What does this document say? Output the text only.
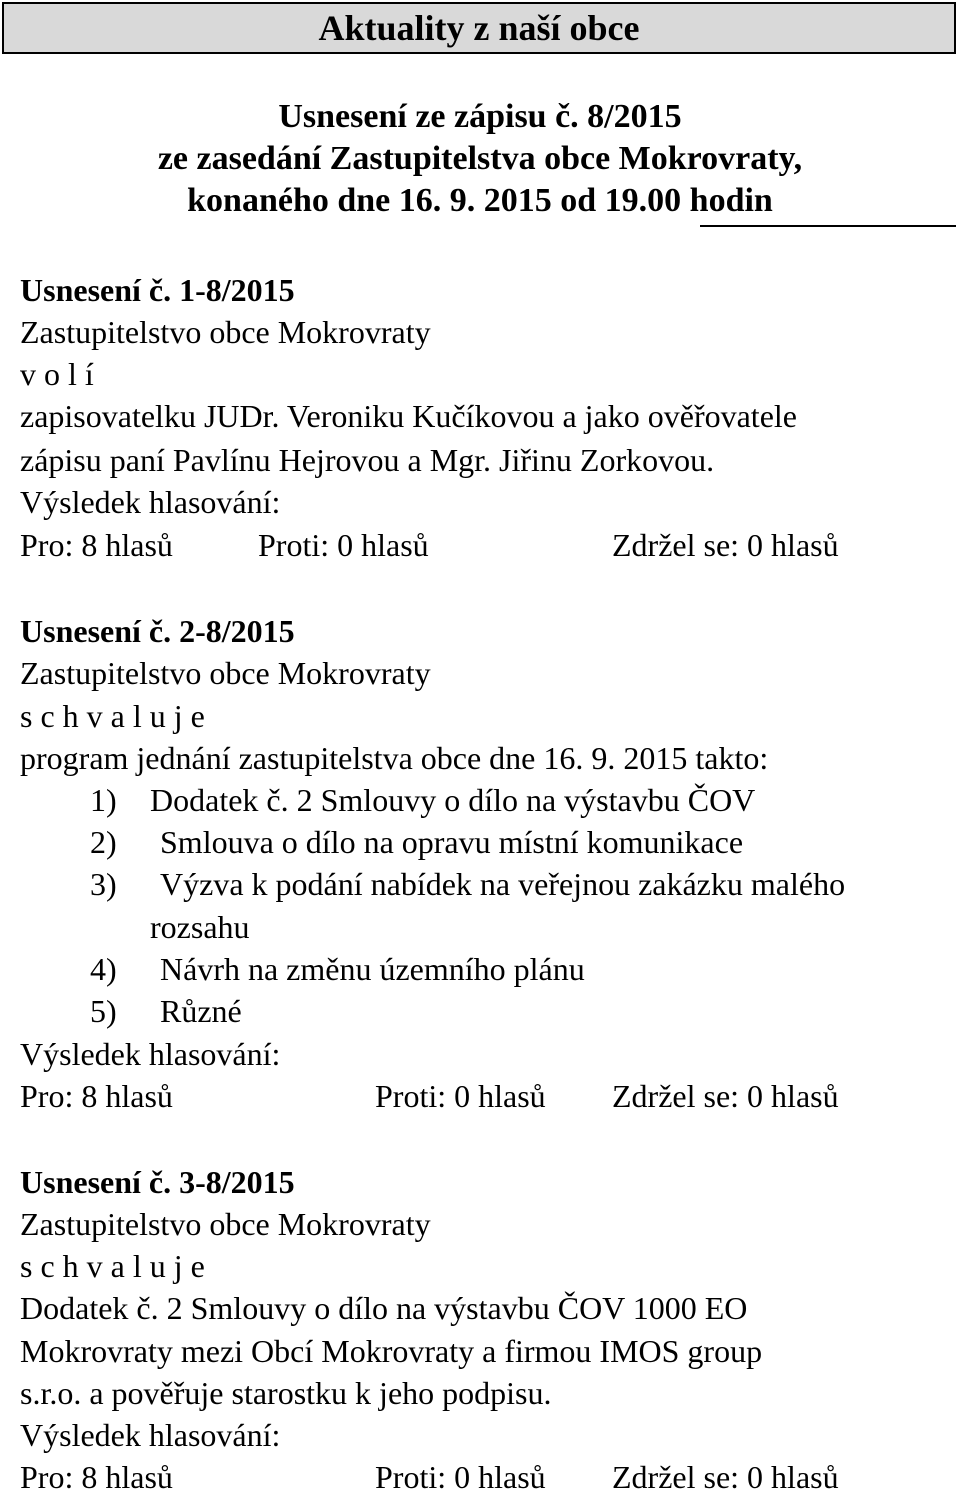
Aktuality z naší obce
Usnesení ze zápisu č. 8/2015
ze zasedání Zastupitelstva obce Mokrovraty,
konaného dne 16. 9. 2015 od 19.00 hodin
Usnesení č. 1-8/2015
Zastupitelstvo obce Mokrovraty
v o l í
zapisovatelku JUDr. Veroniku Kučíkovou a jako ověřovatele
zápisu paní Pavlínu Hejrovou a Mgr. Jiřinu Zorkovou.
Výsledek hlasování:
Pro: 8 hlasů	Proti: 0 hlasů	Zdržel se: 0 hlasů
Usnesení č. 2-8/2015
Zastupitelstvo obce Mokrovraty
s c h v a l u j e
program jednání zastupitelstva obce dne 16. 9. 2015 takto:
1) Dodatek č. 2 Smlouvy o dílo na výstavbu ČOV
2) Smlouva o dílo na opravu místní komunikace
3) Výzva k podání nabídek na veřejnou zakázku malého
rozsahu
4) Návrh na změnu územního plánu
5) Různé
Výsledek hlasování:
Pro: 8 hlasů	Proti: 0 hlasů Zdržel se: 0 hlasů
Usnesení č. 3-8/2015
Zastupitelstvo obce Mokrovraty
s c h v a l u j e
Dodatek č. 2 Smlouvy o dílo na výstavbu ČOV 1000 EO
Mokrovraty mezi Obcí Mokrovraty a firmou IMOS group
s.r.o. a pověřuje starostku k jeho podpisu.
Výsledek hlasování:
Pro: 8 hlasů	Proti: 0 hlasů Zdržel se: 0 hlasů
